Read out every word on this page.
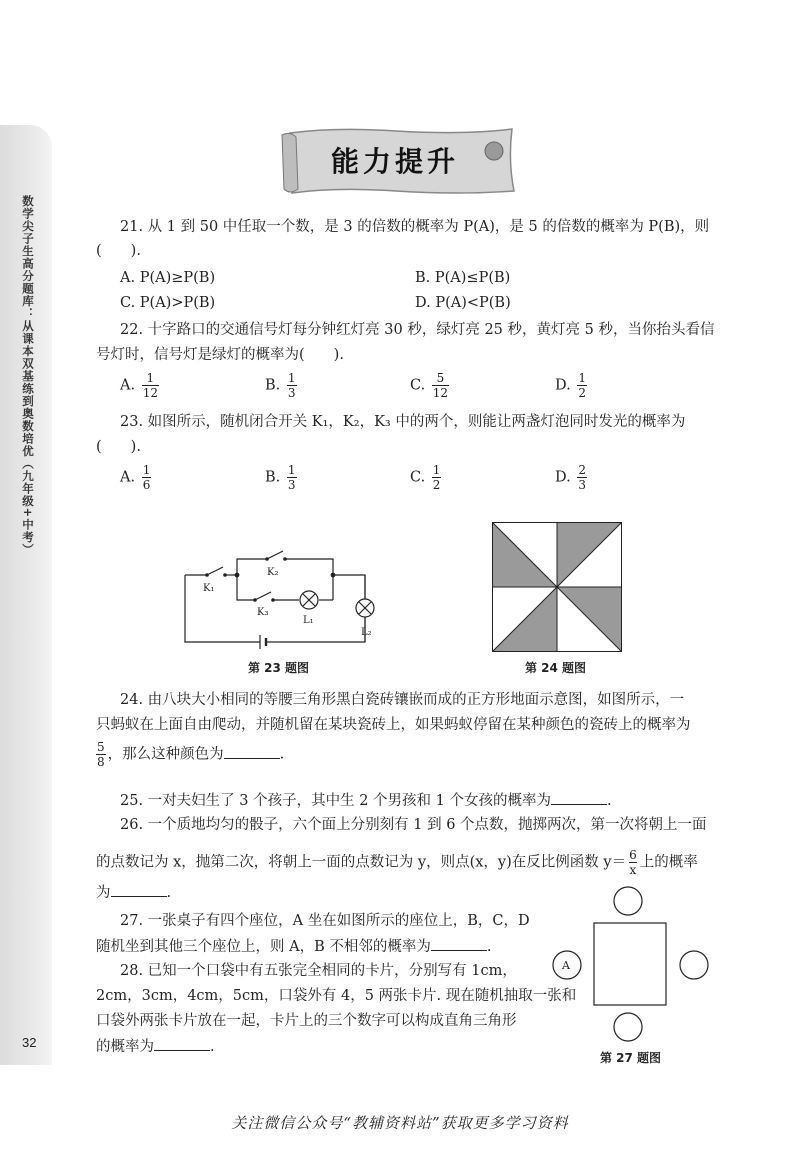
数学尖子生高分题库：从课本双基练到奥数培优（九年级+中考）
32
能力提升
21. 从 1 到 50 中任取一个数，是 3 的倍数的概率为 P(A)，是 5 的倍数的概率为 P(B)，则
(　　).
A. P(A)≥P(B)	B. P(A)≤P(B)
C. P(A)>P(B)	D. P(A)<P(B)
22. 十字路口的交通信号灯每分钟红灯亮 30 秒，绿灯亮 25 秒，黄灯亮 5 秒，当你抬头看信
号灯时，信号灯是绿灯的概率为(　　).
A. $\frac{1}{12}$	B. $\frac{1}{3}$	C. $\frac{5}{12}$	D. $\frac{1}{2}$
23. 如图所示，随机闭合开关 K₁，K₂，K₃ 中的两个，则能让两盏灯泡同时发光的概率为
(　　).
A. $\frac{1}{6}$	B. $\frac{1}{3}$	C. $\frac{1}{2}$	D. $\frac{2}{3}$
K₁
K₂
K₃
L₁
L₂
第 23 题图	第 24 题图
24. 由八块大小相同的等腰三角形黑白瓷砖镶嵌而成的正方形地面示意图，如图所示，一
只蚂蚁在上面自由爬动，并随机留在某块瓷砖上，如果蚂蚁停留在某种颜色的瓷砖上的概率为
$\frac{5}{8}$ ，那么这种颜色为	.
25. 一对夫妇生了 3 个孩子，其中生 2 个男孩和 1 个女孩的概率为	.
26. 一个质地均匀的骰子，六个面上分别刻有 1 到 6 个点数，抛掷两次，第一次将朝上一面
的点数记为 x，抛第二次，将朝上一面的点数记为 y，则点(x，y)在反比例函数 $y= \frac{6}{x}$ 上的概率
为	.
27. 一张桌子有四个座位，A 坐在如图所示的座位上，B，C，D
随机坐到其他三个座位上，则 A，B 不相邻的概率为	.
28. 已知一个口袋中有五张完全相同的卡片，分别写有 1cm，
2cm，3cm，4cm，5cm，口袋外有 4，5 两张卡片. 现在随机抽取一张和
口袋外两张卡片放在一起，卡片上的三个数字可以构成直角三角形
的概率为	.
A
第 27 题图
关注微信公众号“教辅资料站”获取更多学习资料
